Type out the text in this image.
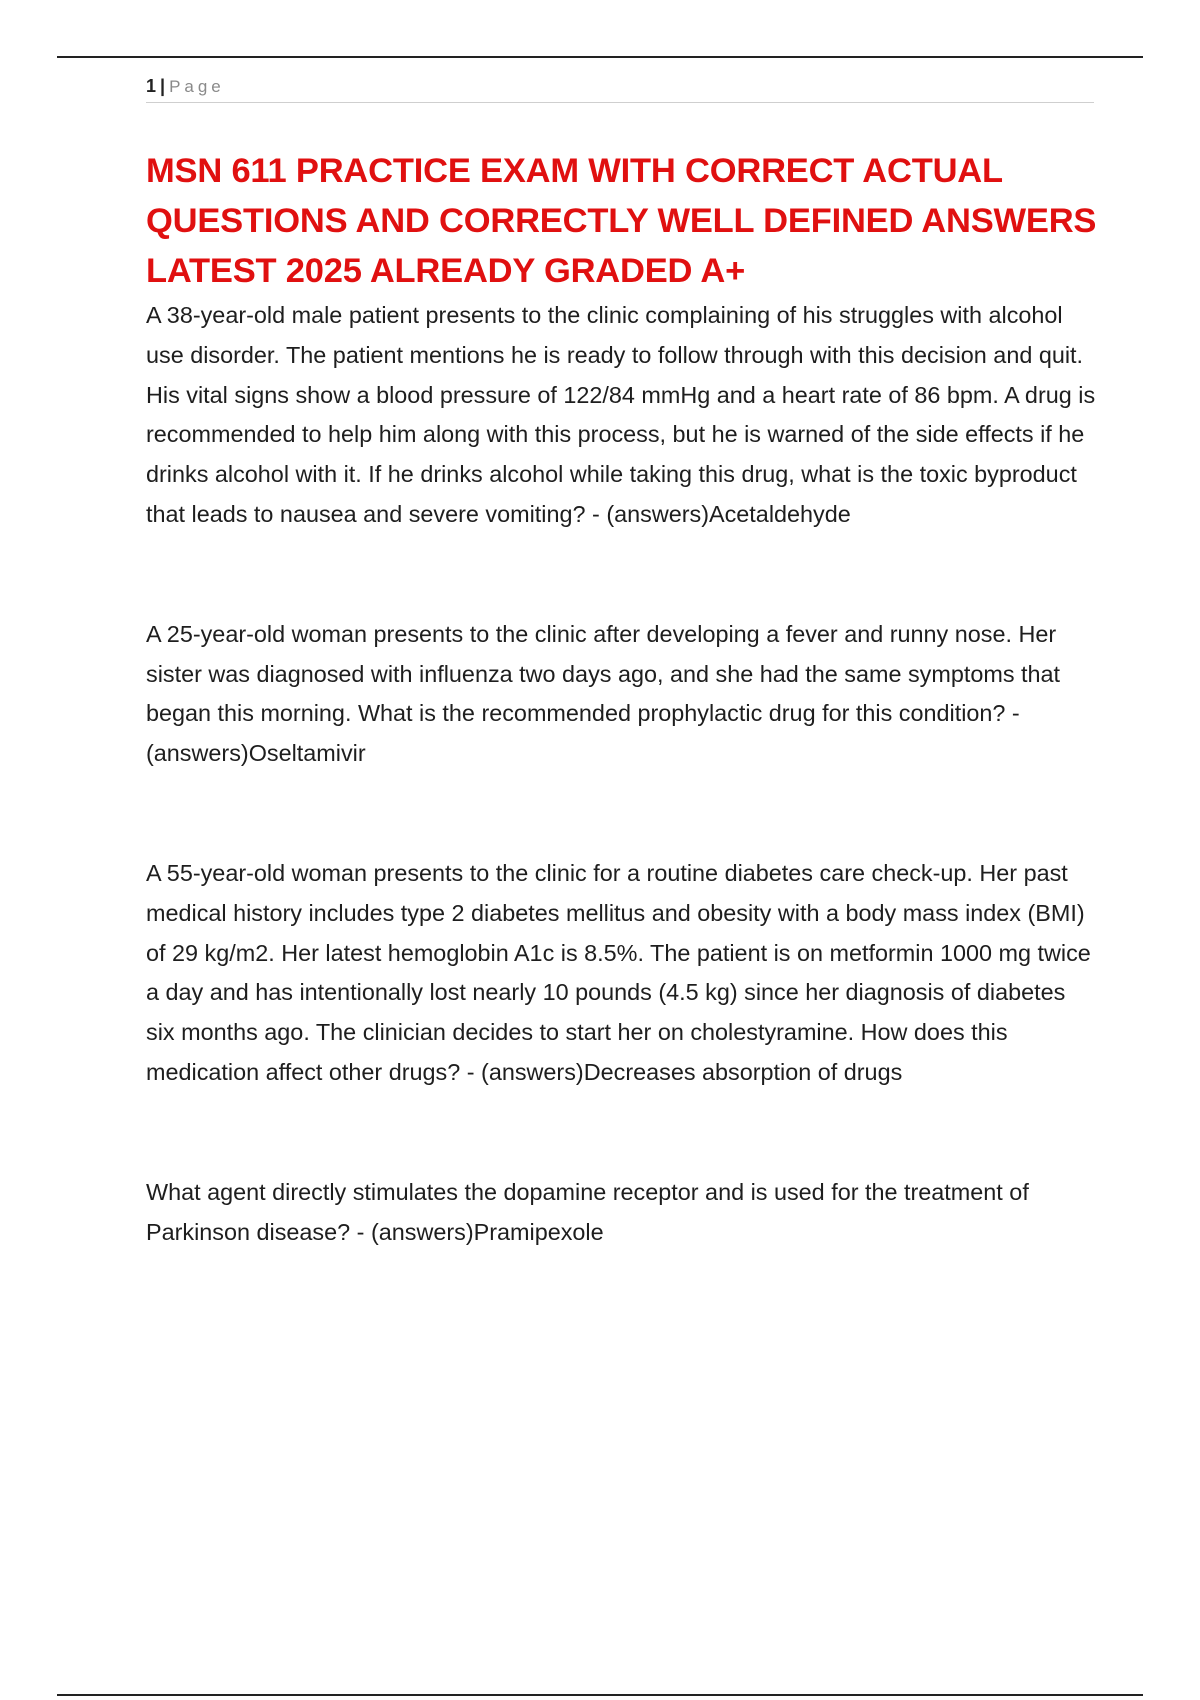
1 | Page
MSN 611 PRACTICE EXAM WITH CORRECT ACTUAL QUESTIONS AND CORRECTLY WELL DEFINED ANSWERS LATEST 2025 ALREADY GRADED A+

A 38-year-old male patient presents to the clinic complaining of his struggles with alcohol use disorder. The patient mentions he is ready to follow through with this decision and quit. His vital signs show a blood pressure of 122/84 mmHg and a heart rate of 86 bpm. A drug is recommended to help him along with this process, but he is warned of the side effects if he drinks alcohol with it. If he drinks alcohol while taking this drug, what is the toxic byproduct that leads to nausea and severe vomiting? - (answers)Acetaldehyde

A 25-year-old woman presents to the clinic after developing a fever and runny nose. Her sister was diagnosed with influenza two days ago, and she had the same symptoms that began this morning. What is the recommended prophylactic drug for this condition? - (answers)Oseltamivir

A 55-year-old woman presents to the clinic for a routine diabetes care check-up. Her past medical history includes type 2 diabetes mellitus and obesity with a body mass index (BMI) of 29 kg/m2. Her latest hemoglobin A1c is 8.5%. The patient is on metformin 1000 mg twice a day and has intentionally lost nearly 10 pounds (4.5 kg) since her diagnosis of diabetes six months ago. The clinician decides to start her on cholestyramine. How does this medication affect other drugs? - (answers)Decreases absorption of drugs

What agent directly stimulates the dopamine receptor and is used for the treatment of Parkinson disease? - (answers)Pramipexole
